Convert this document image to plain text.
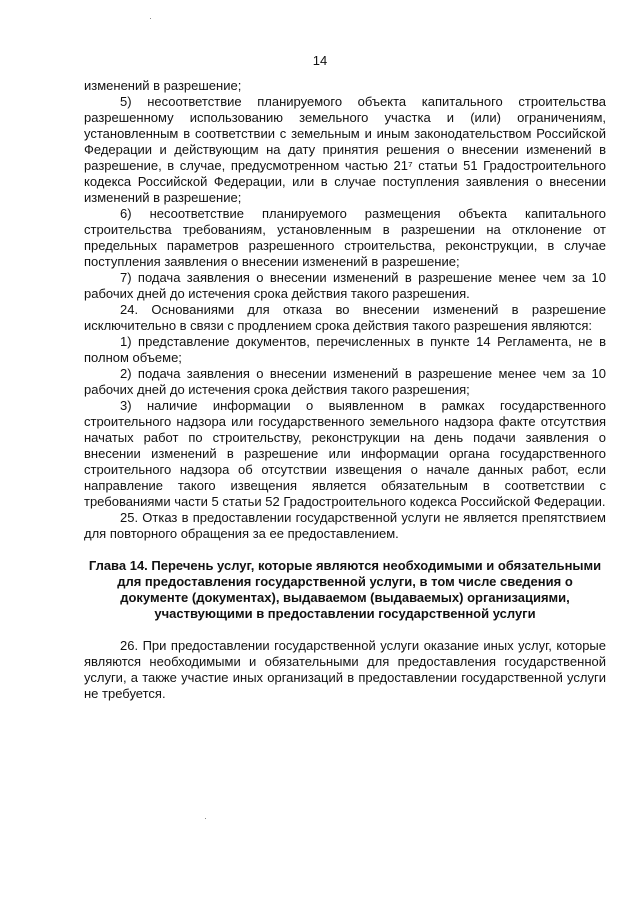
14

изменений в разрешение;

5) несоответствие планируемого объекта капитального строительства разрешенному использованию земельного участка и (или) ограничениям, установленным в соответствии с земельным и иным законодательством Российской Федерации и действующим на дату принятия решения о внесении изменений в разрешение, в случае, предусмотренном частью 21⁷ статьи 51 Градостроительного кодекса Российской Федерации, или в случае поступления заявления о внесении изменений в разрешение;

6) несоответствие планируемого размещения объекта капитального строительства требованиям, установленным в разрешении на отклонение от предельных параметров разрешенного строительства, реконструкции, в случае поступления заявления о внесении изменений в разрешение;

7) подача заявления о внесении изменений в разрешение менее чем за 10 рабочих дней до истечения срока действия такого разрешения.

24. Основаниями для отказа во внесении изменений в разрешение исключительно в связи с продлением срока действия такого разрешения являются:

1) представление документов, перечисленных в пункте 14 Регламента, не в полном объеме;

2) подача заявления о внесении изменений в разрешение менее чем за 10 рабочих дней до истечения срока действия такого разрешения;

3) наличие информации о выявленном в рамках государственного строительного надзора или государственного земельного надзора факте отсутствия начатых работ по строительству, реконструкции на день подачи заявления о внесении изменений в разрешение или информации органа государственного строительного надзора об отсутствии извещения о начале данных работ, если направление такого извещения является обязательным в соответствии с требованиями части 5 статьи 52 Градостроительного кодекса Российской Федерации.

25. Отказ в предоставлении государственной услуги не является препятствием для повторного обращения за ее предоставлением.

Глава 14. Перечень услуг, которые являются необходимыми и обязательными для предоставления государственной услуги, в том числе сведения о документе (документах), выдаваемом (выдаваемых) организациями, участвующими в предоставлении государственной услуги

26. При предоставлении государственной услуги оказание иных услуг, которые являются необходимыми и обязательными для предоставления государственной услуги, а также участие иных организаций в предоставлении государственной услуги не требуется.
